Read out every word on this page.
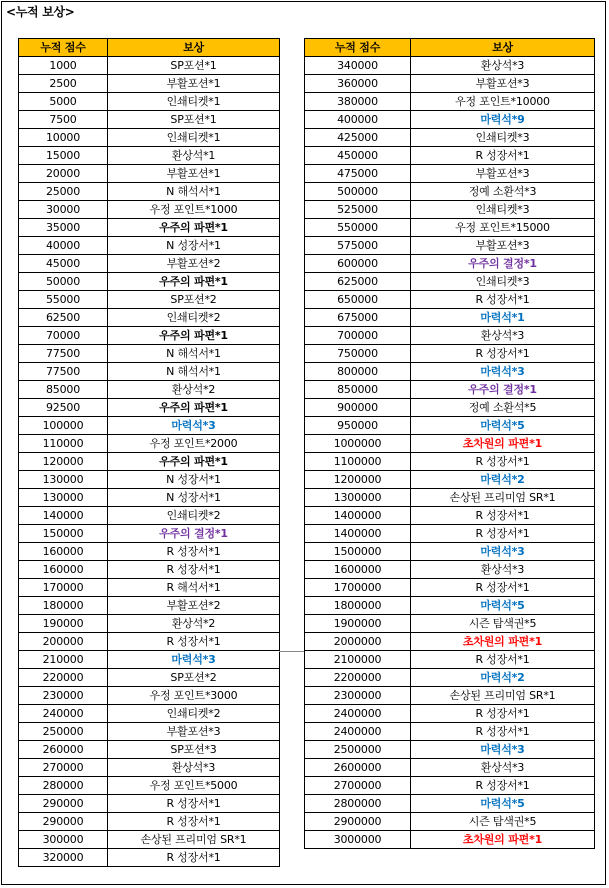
<누적 보상>
누적 점수	보상
1000	SP포션*1
2500	부활포션*1
5000	인쇄티켓*1
7500	SP포션*1
10000	인쇄티켓*1
15000	환상석*1
20000	부활포션*1
25000	N 해석서*1
30000	우정 포인트*1000
35000	우주의 파편*1
40000	N 성장서*1
45000	부활포션*2
50000	우주의 파편*1
55000	SP포션*2
62500	인쇄티켓*2
70000	우주의 파편*1
77500	N 해석서*1
77500	N 해석서*1
85000	환상석*2
92500	우주의 파편*1
100000	마력석*3
110000	우정 포인트*2000
120000	우주의 파편*1
130000	N 성장서*1
130000	N 성장서*1
140000	인쇄티켓*2
150000	우주의 결정*1
160000	R 성장서*1
160000	R 성장서*1
170000	R 해석서*1
180000	부활포션*2
190000	환상석*2
200000	R 성장서*1
210000	마력석*3
220000	SP포션*2
230000	우정 포인트*3000
240000	인쇄티켓*2
250000	부활포션*3
260000	SP포션*3
270000	환상석*3
280000	우정 포인트*5000
290000	R 성장서*1
290000	R 성장서*1
300000	손상된 프리미엄 SR*1
320000	R 성장서*1
누적 점수	보상
340000	환상석*3
360000	부활포션*3
380000	우정 포인트*10000
400000	마력석*9
425000	인쇄티켓*3
450000	R 성장서*1
475000	부활포션*3
500000	정예 소환석*3
525000	인쇄티켓*3
550000	우정 포인트*15000
575000	부활포션*3
600000	우주의 결정*1
625000	인쇄티켓*3
650000	R 성장서*1
675000	마력석*1
700000	환상석*3
750000	R 성장서*1
800000	마력석*3
850000	우주의 결정*1
900000	정예 소환석*5
950000	마력석*5
1000000	초차원의 파편*1
1100000	R 성장서*1
1200000	마력석*2
1300000	손상된 프리미엄 SR*1
1400000	R 성장서*1
1400000	R 성장서*1
1500000	마력석*3
1600000	환상석*3
1700000	R 성장서*1
1800000	마력석*5
1900000	시즌 탐색권*5
2000000	초차원의 파편*1
2100000	R 성장서*1
2200000	마력석*2
2300000	손상된 프리미엄 SR*1
2400000	R 성장서*1
2400000	R 성장서*1
2500000	마력석*3
2600000	환상석*3
2700000	R 성장서*1
2800000	마력석*5
2900000	시즌 탐색권*5
3000000	초차원의 파편*1
